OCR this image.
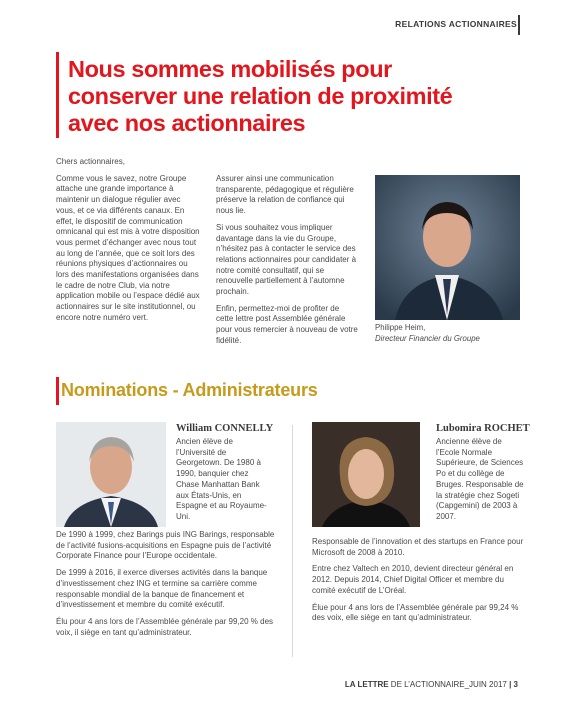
RELATIONS ACTIONNAIRES
Nous sommes mobilisés pour conserver une relation de proximité avec nos actionnaires

Chers actionnaires,

Comme vous le savez, notre Groupe attache une grande importance à maintenir un dialogue régulier avec vous, et ce via différents canaux. En effet, le dispositif de communication omnicanal qui est mis à votre disposition vous permet d’échanger avec nous tout au long de l’année, que ce soit lors des réunions physiques d’actionnaires ou lors des manifestations organisées dans le cadre de notre Club, via notre application mobile ou l’espace dédié aux actionnaires sur le site institutionnel, ou encore notre numéro vert.

Assurer ainsi une communication transparente, pédagogique et régulière préserve la relation de confiance qui nous lie.

Si vous souhaitez vous impliquer davantage dans la vie du Groupe, n’hésitez pas à contacter le service des relations actionnaires pour candidater à notre comité consultatif, qui se renouvelle partiellement à l’automne prochain.

Enfin, permettez-moi de profiter de cette lettre post Assemblée générale pour vous remercier à nouveau de votre fidélité.

Philippe Heim,
Directeur Financier du Groupe
Nominations - Administrateurs
William CONNELLY
Ancien élève de l’Université de Georgetown. De 1980 à 1990, banquier chez Chase Manhattan Bank aux États-Unis, en Espagne et au Royaume-Uni.

De 1990 à 1999, chez Barings puis ING Barings, responsable de l’activité fusions-acquisitions en Espagne puis de l’activité Corporate Finance pour l’Europe occidentale.

De 1999 à 2016, il exerce diverses activités dans la banque d’investissement chez ING et termine sa carrière comme responsable mondial de la banque de financement et d’investissement et membre du comité exécutif.

Élu pour 4 ans lors de l’Assemblée générale par 99,20 % des voix, il siège en tant qu’administrateur.

Lubomira ROCHET
Ancienne élève de l’Ecole Normale Supérieure, de Sciences Po et du collège de Bruges. Responsable de la stratégie chez Sogeti (Capgemini) de 2003 à 2007.

Responsable de l’innovation et des startups en France pour Microsoft de 2008 à 2010.

Entre chez Valtech en 2010, devient directeur général en 2012. Depuis 2014, Chief Digital Officer et membre du comité exécutif de L’Oréal.

Élue pour 4 ans lors de l’Assemblée générale par 99,24 % des voix, elle siège en tant qu’administrateur.

LA LETTRE DE L’ACTIONNAIRE_JUIN 2017 | 3
